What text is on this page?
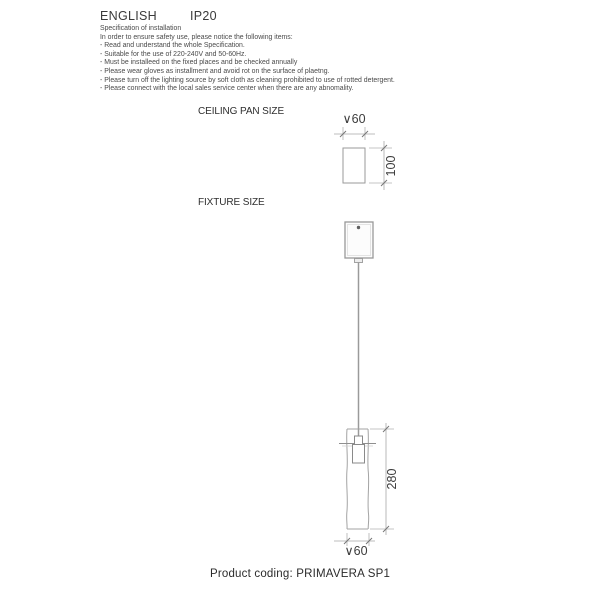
ENGLISH	IP20
Specification of installation
In order to ensure safety use, please notice the following items:
- Read and understand the whole Specification.
- Suitable for the use of 220-240V and 50-60Hz.
- Must be installeed on the fixed places and be checked annually
- Please wear gloves as installment and avoid rot on the surface of plaetng.
- Please turn off the lighting source by soft cloth as cleaning prohibited to use of rotted detergent.
- Please connect with the local sales service center when there are any abnomality.
CEILING PAN SIZE
FIXTURE SIZE
∨60
100
280
∨60
Product coding: PRIMAVERA SP1
